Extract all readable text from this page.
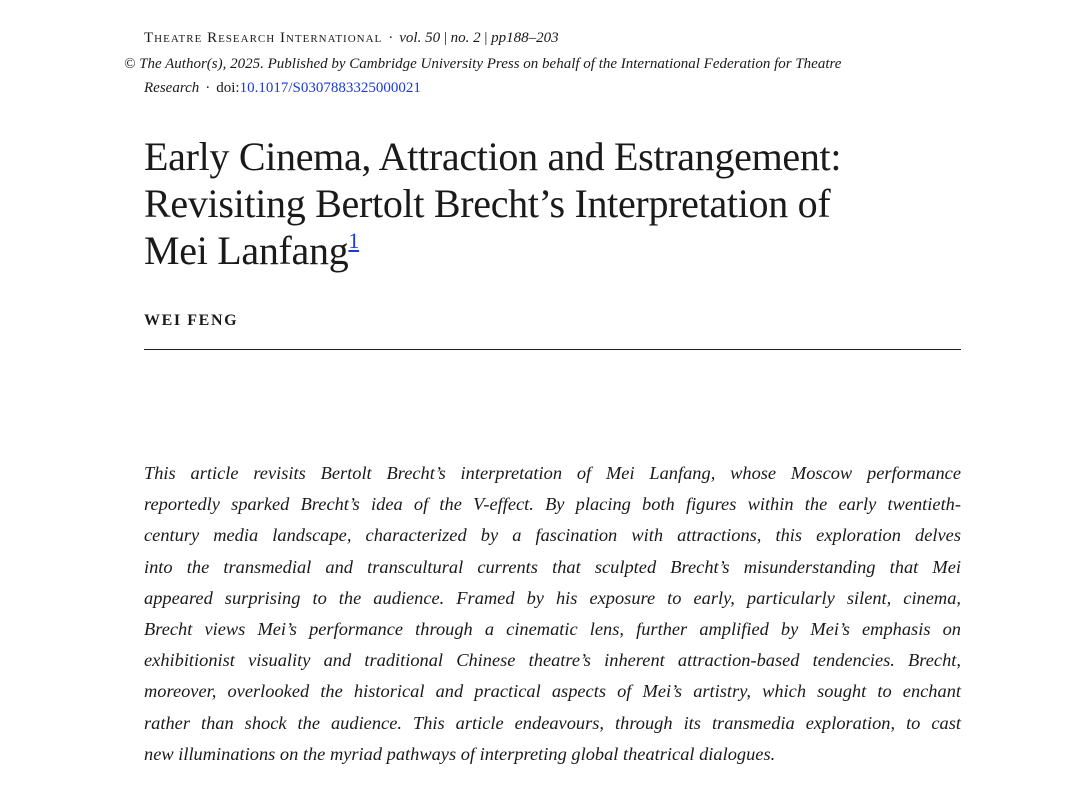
Theatre Research International · vol. 50 | no. 2 | pp188–203
© The Author(s), 2025. Published by Cambridge University Press on behalf of the International Federation for Theatre
Research · doi:10.1017/S0307883325000021
Early Cinema, Attraction and Estrangement:
Revisiting Bertolt Brecht’s Interpretation of
Mei Lanfang$^1$
WEI FENG
This article revisits Bertolt Brecht’s interpretation of Mei Lanfang, whose Moscow performance
reportedly sparked Brecht’s idea of the V-effect. By placing both figures within the early twentieth-
century media landscape, characterized by a fascination with attractions, this exploration delves
into the transmedial and transcultural currents that sculpted Brecht’s misunderstanding that Mei
appeared surprising to the audience. Framed by his exposure to early, particularly silent, cinema,
Brecht views Mei’s performance through a cinematic lens, further amplified by Mei’s emphasis on
exhibitionist visuality and traditional Chinese theatre’s inherent attraction-based tendencies. Brecht,
moreover, overlooked the historical and practical aspects of Mei’s artistry, which sought to enchant
rather than shock the audience. This article endeavours, through its transmedia exploration, to cast
new illuminations on the myriad pathways of interpreting global theatrical dialogues.
